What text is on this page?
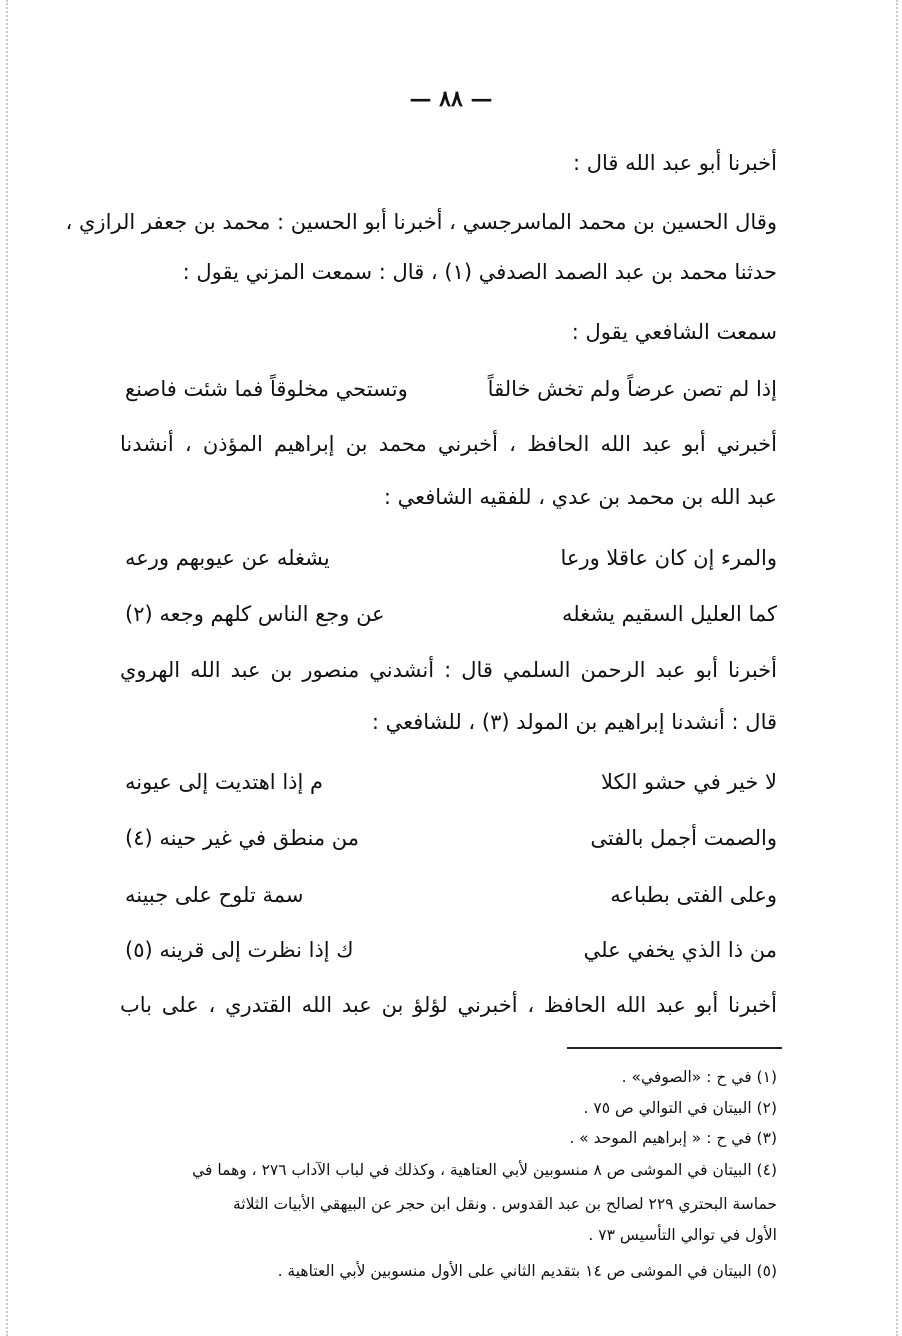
— ٨٨ —
أخبرنا أبو عبد الله قال :
وقال الحسين بن محمد الماسرجسي ، أخبرنا أبو الحسين : محمد بن جعفر الرازي ،
حدثنا محمد بن عبد الصمد الصدفي (١) ، قال : سمعت المزني يقول :
سمعت الشافعي يقول :
إذا لم تصن عرضاً ولم تخش خالقاً
وتستحي مخلوقاً فما شئت فاصنع
أخبرني أبو عبد الله الحافظ ، أخبرني محمد بن إبراهيم المؤذن ، أنشدنا
عبد الله بن محمد بن عدي ، للفقيه الشافعي :
والمرء إن كان عاقلا ورعا
يشغله عن عيوبهم ورعه
كما العليل السقيم يشغله
عن وجع الناس كلهم وجعه (٢)
أخبرنا أبو عبد الرحمن السلمي قال : أنشدني منصور بن عبد الله الهروي
قال : أنشدنا إبراهيم بن المولد (٣) ، للشافعي :
لا خير في حشو الكلا
م إذا اهتديت إلى عيونه
والصمت أجمل بالفتى
من منطق في غير حينه (٤)
وعلى الفتى بطباعه
سمة تلوح على جبينه
من ذا الذي يخفي علي
ك إذا نظرت إلى قرينه (٥)
أخبرنا أبو عبد الله الحافظ ، أخبرني لؤلؤ بن عبد الله القتدري ، على باب
(١) في ح : «الصوفي» .
(٢) البيتان في التوالي ص ٧٥ .
(٣) في ح : « إبراهيم الموحد » .
(٤) البيتان في الموشى ص ٨ منسوبين لأبي العتاهية ، وكذلك في لباب الآداب ٢٧٦ ، وهما في
حماسة البحتري ٢٢٩ لصالح بن عبد القدوس . ونقل ابن حجر عن البيهقي الأبيات الثلاثة
الأول في توالي التأسيس ٧٣ .
(٥) البيتان في الموشى ص ١٤ بتقديم الثاني على الأول منسوبين لأبي العتاهية .
